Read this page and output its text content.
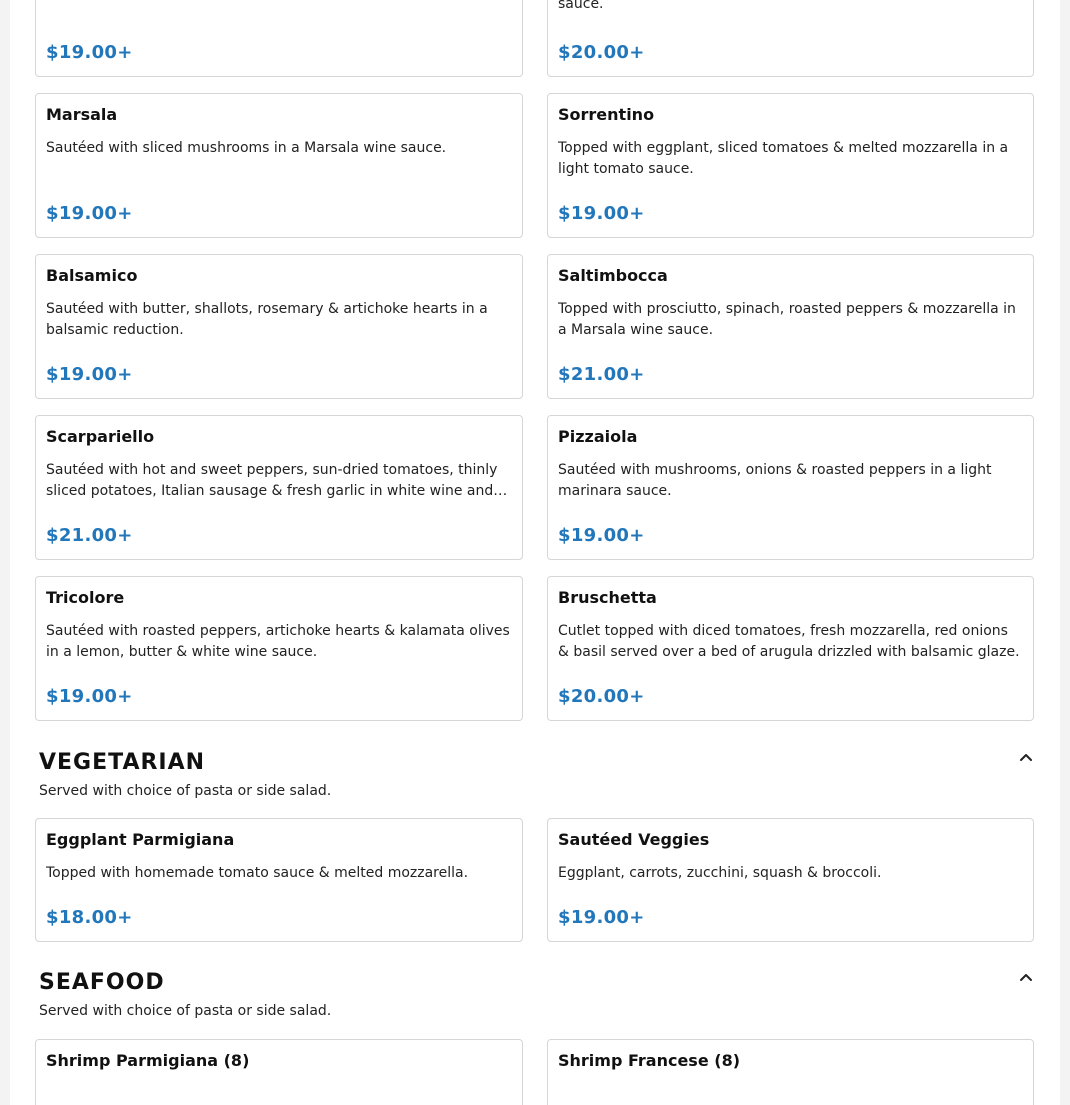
$19.00+
sauce.
$20.00+
Marsala
Sautéed with sliced mushrooms in a Marsala wine sauce.
$19.00+
Sorrentino
Topped with eggplant, sliced tomatoes & melted mozzarella in a light tomato sauce.
$19.00+
Balsamico
Sautéed with butter, shallots, rosemary & artichoke hearts in a balsamic reduction.
$19.00+
Saltimbocca
Topped with prosciutto, spinach, roasted peppers & mozzarella in a Marsala wine sauce.
$21.00+
Scarpariello
Sautéed with hot and sweet peppers, sun-dried tomatoes, thinly sliced potatoes, Italian sausage & fresh garlic in white wine and…
$21.00+
Pizzaiola
Sautéed with mushrooms, onions & roasted peppers in a light marinara sauce.
$19.00+
Tricolore
Sautéed with roasted peppers, artichoke hearts & kalamata olives in a lemon, butter & white wine sauce.
$19.00+
Bruschetta
Cutlet topped with diced tomatoes, fresh mozzarella, red onions & basil served over a bed of arugula drizzled with balsamic glaze.
$20.00+
VEGETARIAN
Served with choice of pasta or side salad.
Eggplant Parmigiana
Topped with homemade tomato sauce & melted mozzarella.
$18.00+
Sautéed Veggies
Eggplant, carrots, zucchini, squash & broccoli.
$19.00+
SEAFOOD
Served with choice of pasta or side salad.
Shrimp Parmigiana (8)	Shrimp Francese (8)
